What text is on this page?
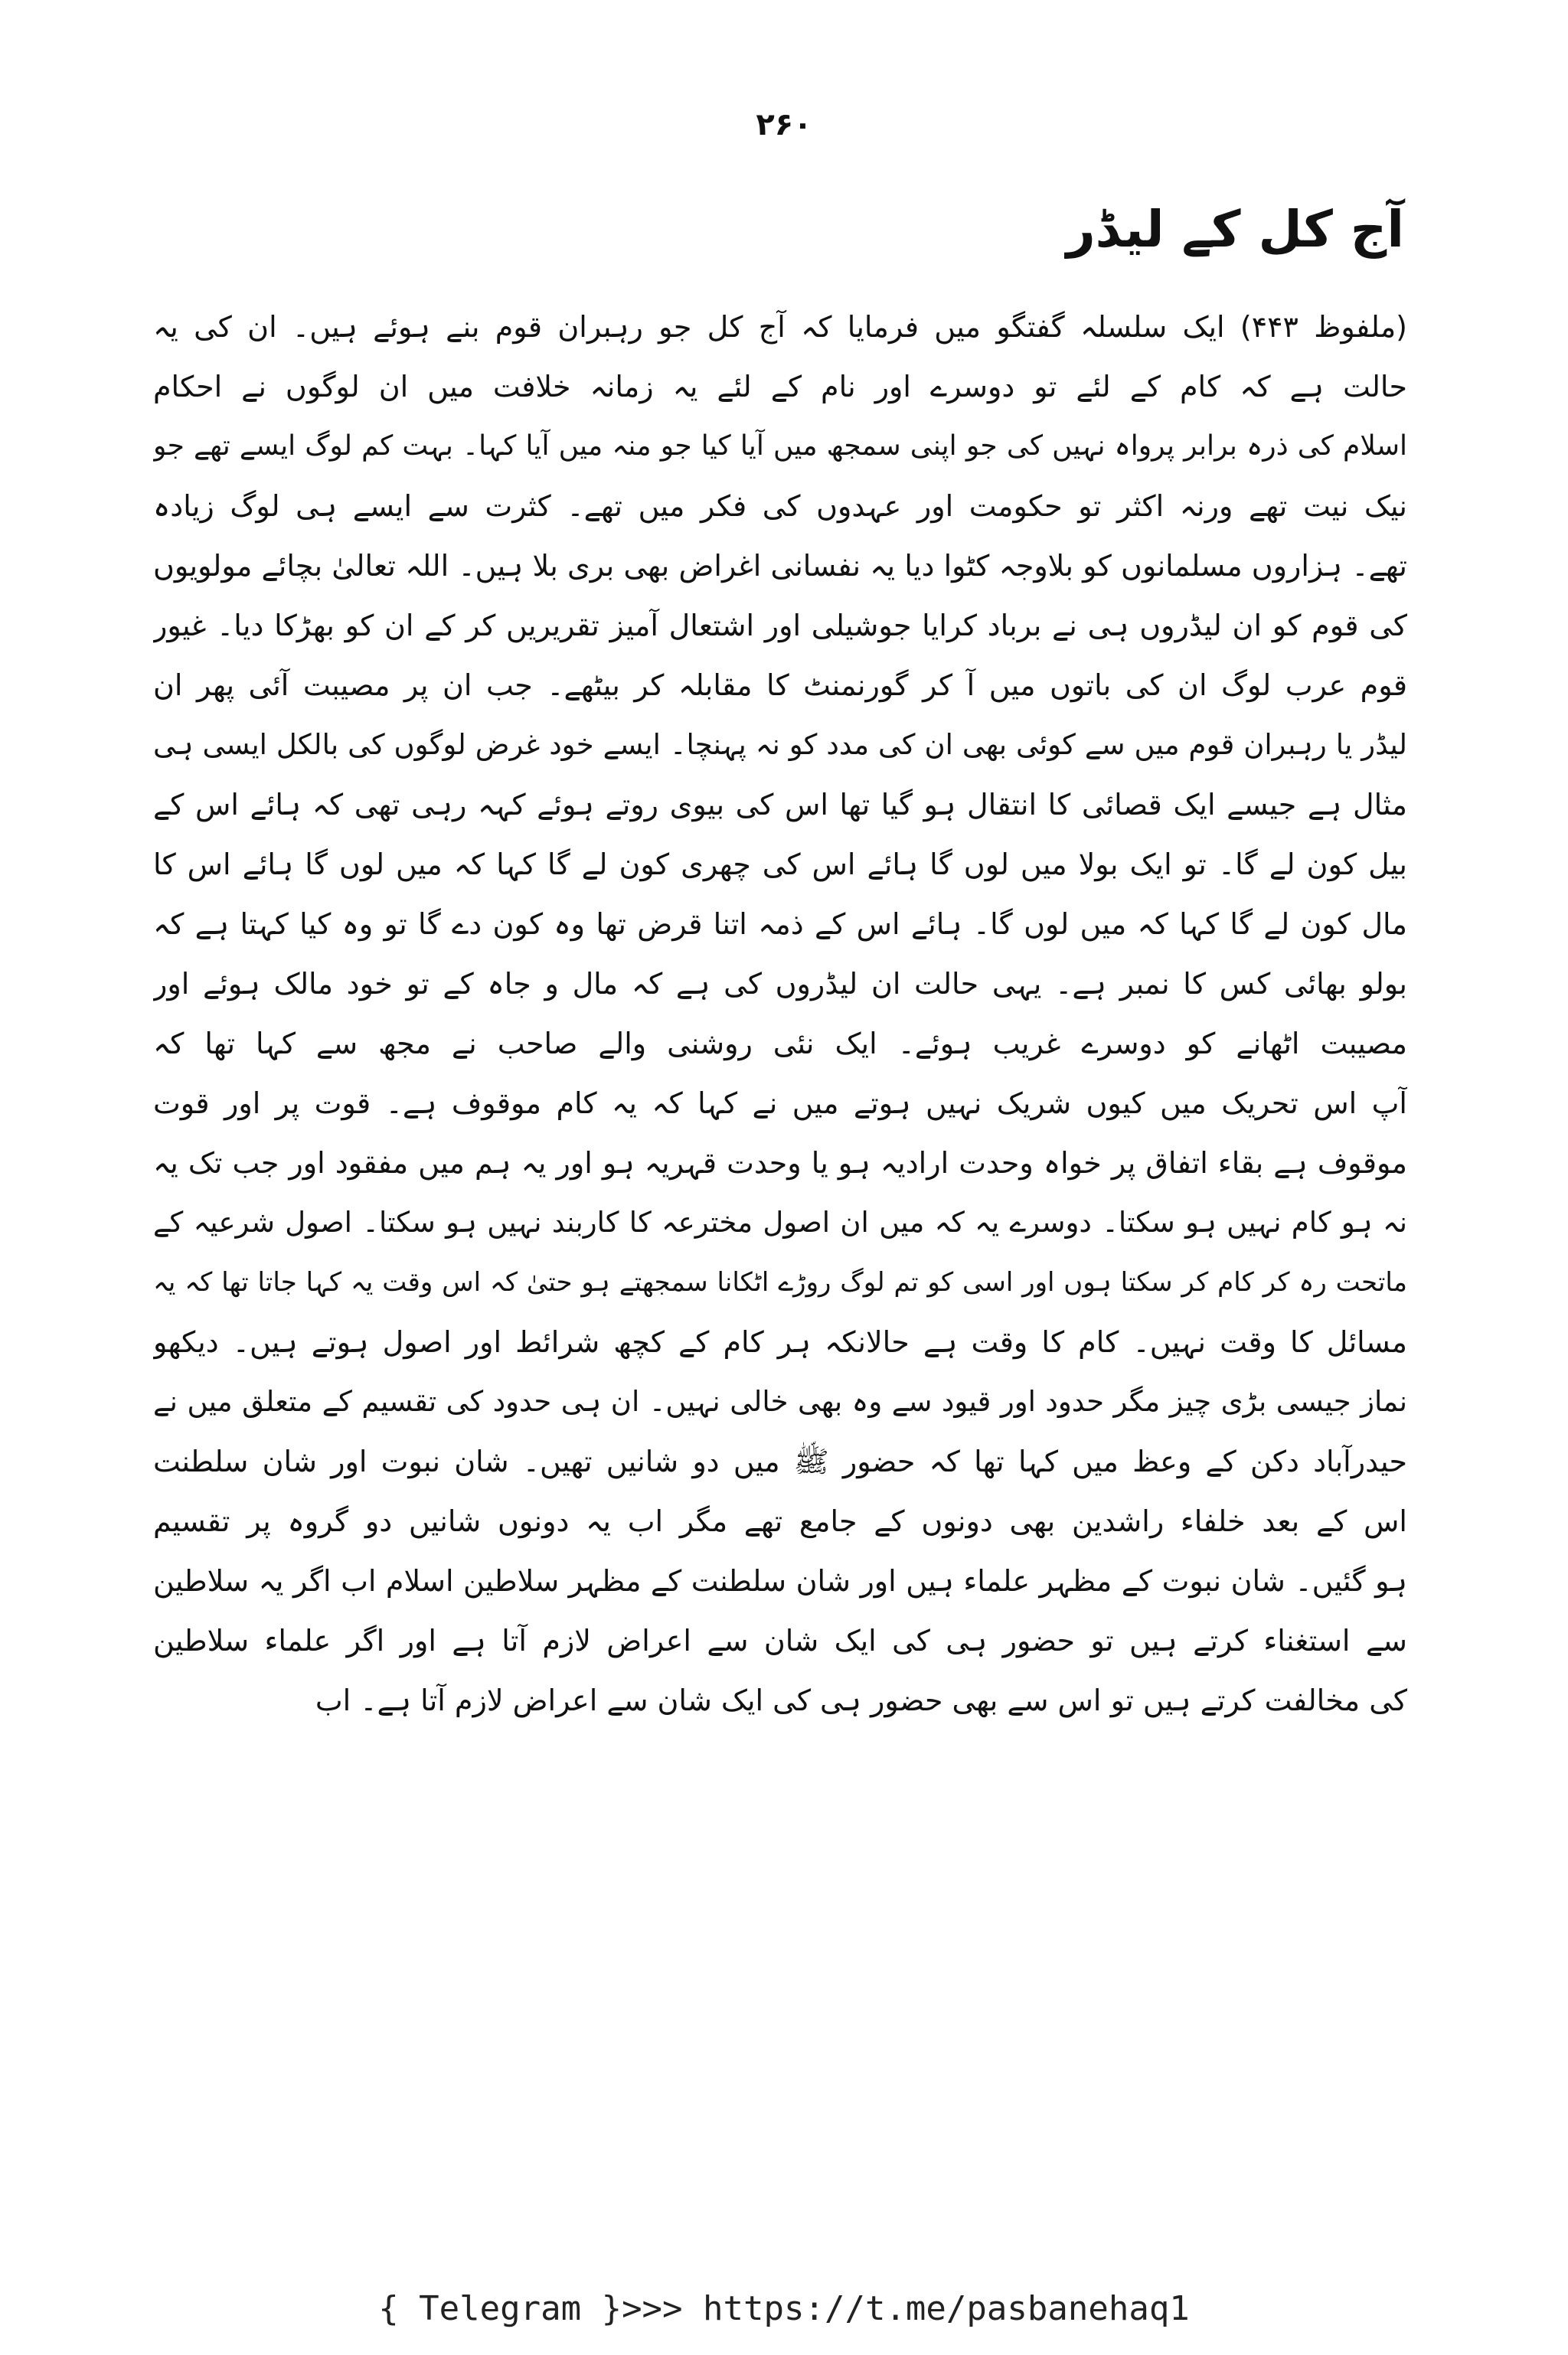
۲۶۰
آج کل کے لیڈر
(ملفوظ ۴۴۳) ایک سلسلہ گفتگو میں فرمایا کہ آج کل جو رہبران قوم بنے ہوئے ہیں۔ ان کی یہ
حالت ہے کہ کام کے لئے تو دوسرے اور نام کے لئے یہ زمانہ خلافت میں ان لوگوں نے احکام
اسلام کی ذرہ برابر پرواہ نہیں کی جو اپنی سمجھ میں آیا کیا جو منہ میں آیا کہا۔ بہت کم لوگ ایسے تھے جو
نیک نیت تھے ورنہ اکثر تو حکومت اور عہدوں کی فکر میں تھے۔ کثرت سے ایسے ہی لوگ زیادہ
تھے۔ ہزاروں مسلمانوں کو بلاوجہ کٹوا دیا یہ نفسانی اغراض بھی بری بلا ہیں۔ اللہ تعالیٰ بچائے مولویوں
کی قوم کو ان لیڈروں ہی نے برباد کرایا جوشیلی اور اشتعال آمیز تقریریں کر کے ان کو بھڑکا دیا۔ غیور
قوم عرب لوگ ان کی باتوں میں آ کر گورنمنٹ کا مقابلہ کر بیٹھے۔ جب ان پر مصیبت آئی پھر ان
لیڈر یا رہبران قوم میں سے کوئی بھی ان کی مدد کو نہ پہنچا۔ ایسے خود غرض لوگوں کی بالکل ایسی ہی
مثال ہے جیسے ایک قصائی کا انتقال ہو گیا تھا اس کی بیوی روتے ہوئے کہہ رہی تھی کہ ہائے اس کے
بیل کون لے گا۔ تو ایک بولا میں لوں گا ہائے اس کی چھری کون لے گا کہا کہ میں لوں گا ہائے اس کا
مال کون لے گا کہا کہ میں لوں گا۔ ہائے اس کے ذمہ اتنا قرض تھا وہ کون دے گا تو وہ کیا کہتا ہے کہ
بولو بھائی کس کا نمبر ہے۔ یہی حالت ان لیڈروں کی ہے کہ مال و جاہ کے تو خود مالک ہوئے اور
مصیبت اٹھانے کو دوسرے غریب ہوئے۔ ایک نئی روشنی والے صاحب نے مجھ سے کہا تھا کہ
آپ اس تحریک میں کیوں شریک نہیں ہوتے میں نے کہا کہ یہ کام موقوف ہے۔ قوت پر اور قوت
موقوف ہے بقاء اتفاق پر خواہ وحدت ارادیہ ہو یا وحدت قہریہ ہو اور یہ ہم میں مفقود اور جب تک یہ
نہ ہو کام نہیں ہو سکتا۔ دوسرے یہ کہ میں ان اصول مخترعہ کا کاربند نہیں ہو سکتا۔ اصول شرعیہ کے
ماتحت رہ کر کام کر سکتا ہوں اور اسی کو تم لوگ روڑے اٹکانا سمجھتے ہو حتیٰ کہ اس وقت یہ کہا جاتا تھا کہ یہ
مسائل کا وقت نہیں۔ کام کا وقت ہے حالانکہ ہر کام کے کچھ شرائط اور اصول ہوتے ہیں۔ دیکھو
نماز جیسی بڑی چیز مگر حدود اور قیود سے وہ بھی خالی نہیں۔ ان ہی حدود کی تقسیم کے متعلق میں نے
حیدرآباد دکن کے وعظ میں کہا تھا کہ حضور ﷺ میں دو شانیں تھیں۔ شان نبوت اور شان سلطنت
اس کے بعد خلفاء راشدین بھی دونوں کے جامع تھے مگر اب یہ دونوں شانیں دو گروہ پر تقسیم
ہو گئیں۔ شان نبوت کے مظہر علماء ہیں اور شان سلطنت کے مظہر سلاطین اسلام اب اگر یہ سلاطین
سے استغناء کرتے ہیں تو حضور ہی کی ایک شان سے اعراض لازم آتا ہے اور اگر علماء سلاطین
کی مخالفت کرتے ہیں تو اس سے بھی حضور ہی کی ایک شان سے اعراض لازم آتا ہے۔ اب
{ Telegram }>>> https://t.me/pasbanehaq1
